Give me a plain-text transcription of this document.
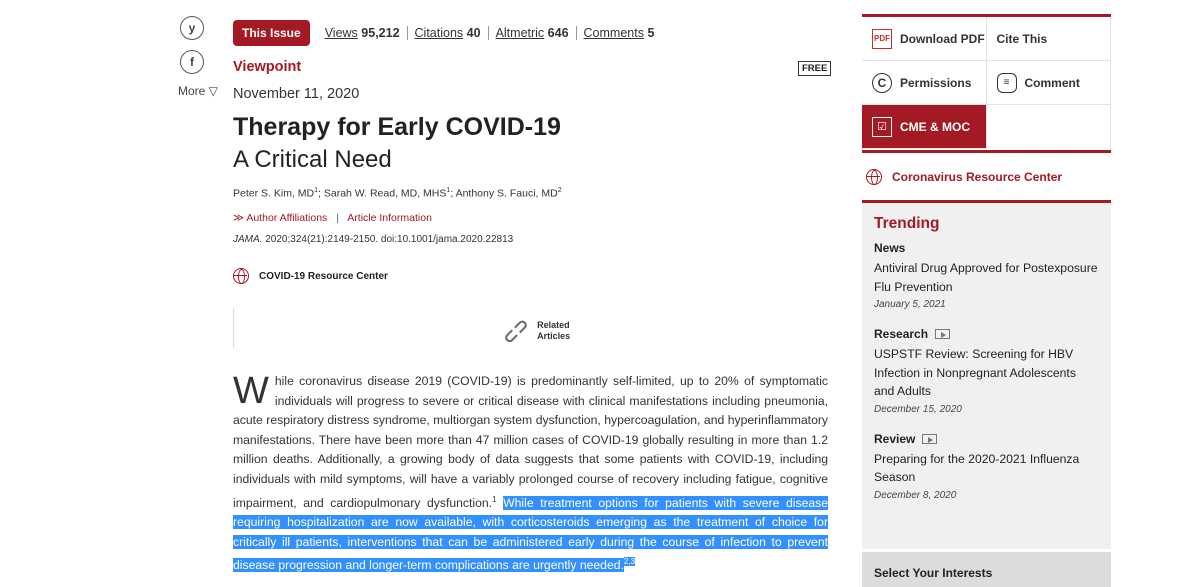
y
f
More ▽
This Issue	Views 95,212	Citations 40	Altmetric 646	Comments 5
Viewpoint	FREE
November 11, 2020
Therapy for Early COVID-19
A Critical Need
Peter S. Kim, $MD^1$; Sarah W. Read, MD, MHS$^1$; Anthony S. Fauci, $MD^2$
≫ Author Affiliations | Article Information
JAMA. 2020;324(21):2149-2150. doi:10.1001/jama.2020.22813
COVID-19 Resource Center
⊂⊃ Related
Articles
While coronavirus disease 2019 (COVID-19) is predominantly self-limited, up to 20% of symptomatic individuals will progress to severe or critical disease with clinical manifestations including pneumonia, acute respiratory distress syndrome, multiorgan system dysfunction, hypercoagulation, and hyperinflammatory manifestations. There have been more than 47 million cases of COVID-19 globally resulting in more than 1.2 million deaths. Additionally, a growing body of data suggests that some patients with COVID-19, including individuals with mild symptoms, will have a variably prolonged course of recovery including fatigue, cognitive impairment, and cardiopulmonary dysfunction.$^1$ While treatment options for patients with severe disease requiring hospitalization are now available, with corticosteroids emerging as the treatment of choice for critically ill patients, interventions that can be administered early during the course of infection to prevent disease progression and longer-term complications are urgently needed.$^{2,3}$
PDF Download PDF Cite This
C	Permissions	≡	Comment
☑	CME & MOC
Coronavirus Resource Center
Trending
News
Antiviral Drug Approved for Postexposure Flu Prevention
January 5, 2021
Research
USPSTF Review: Screening for HBV Infection in Nonpregnant Adolescents and Adults
December 15, 2020
Review
Preparing for the 2020-2021 Influenza Season
December 8, 2020
Select Your Interests
